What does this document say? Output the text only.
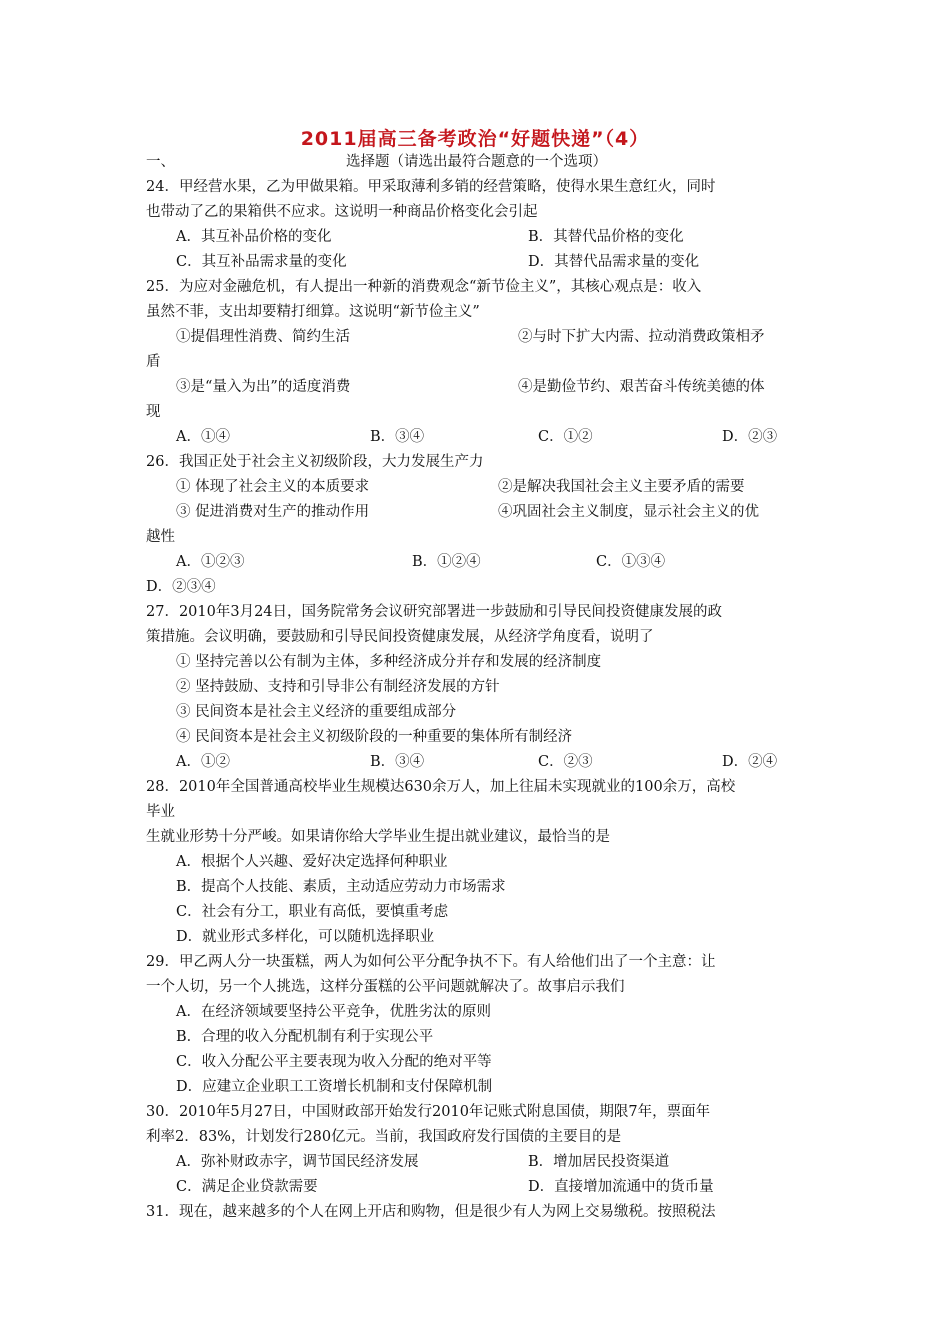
2011届高三备考政治“好题快递”（4）
一、	选择题（请选出最符合题意的一个选项）
24．甲经营水果，乙为甲做果箱。甲采取薄利多销的经营策略，使得水果生意红火，同时
也带动了乙的果箱供不应求。这说明一种商品价格变化会引起
A．其互补品价格的变化	B．其替代品价格的变化
C．其互补品需求量的变化	D．其替代品需求量的变化
25．为应对金融危机，有人提出一种新的消费观念“新节俭主义”，其核心观点是：收入
虽然不菲，支出却要精打细算。这说明“新节俭主义”
①提倡理性消费、简约生活	②与时下扩大内需、拉动消费政策相矛
盾
③是“量入为出”的适度消费	④是勤俭节约、艰苦奋斗传统美德的体
现
A．①④	B．③④	C．①②	D．②③
26．我国正处于社会主义初级阶段，大力发展生产力
① 体现了社会主义的本质要求	②是解决我国社会主义主要矛盾的需要
③ 促进消费对生产的推动作用	④巩固社会主义制度，显示社会主义的优
越性
A．①②③	B．①②④	C．①③④
D．②③④
27．2010年3月24日，国务院常务会议研究部署进一步鼓励和引导民间投资健康发展的政
策措施。会议明确，要鼓励和引导民间投资健康发展，从经济学角度看，说明了
① 坚持完善以公有制为主体，多种经济成分并存和发展的经济制度
② 坚持鼓励、支持和引导非公有制经济发展的方针
③ 民间资本是社会主义经济的重要组成部分
④ 民间资本是社会主义初级阶段的一种重要的集体所有制经济
A．①②	B．③④	C．②③	D．②④
28．2010年全国普通高校毕业生规模达630余万人，加上往届未实现就业的100余万，高校
毕业
生就业形势十分严峻。如果请你给大学毕业生提出就业建议，最恰当的是
A．根据个人兴趣、爱好决定选择何种职业
B．提高个人技能、素质，主动适应劳动力市场需求
C．社会有分工，职业有高低，要慎重考虑
D．就业形式多样化，可以随机选择职业
29．甲乙两人分一块蛋糕，两人为如何公平分配争执不下。有人给他们出了一个主意：让
一个人切，另一个人挑选，这样分蛋糕的公平问题就解决了。故事启示我们
A．在经济领域要坚持公平竞争，优胜劣汰的原则
B．合理的收入分配机制有利于实现公平
C．收入分配公平主要表现为收入分配的绝对平等
D．应建立企业职工工资增长机制和支付保障机制
30．2010年5月27日，中国财政部开始发行2010年记账式附息国债，期限7年，票面年
利率2．83%，计划发行280亿元。当前，我国政府发行国债的主要目的是
A．弥补财政赤字，调节国民经济发展	B．增加居民投资渠道
C．满足企业贷款需要	D．直接增加流通中的货币量
31．现在，越来越多的个人在网上开店和购物，但是很少有人为网上交易缴税。按照税法
